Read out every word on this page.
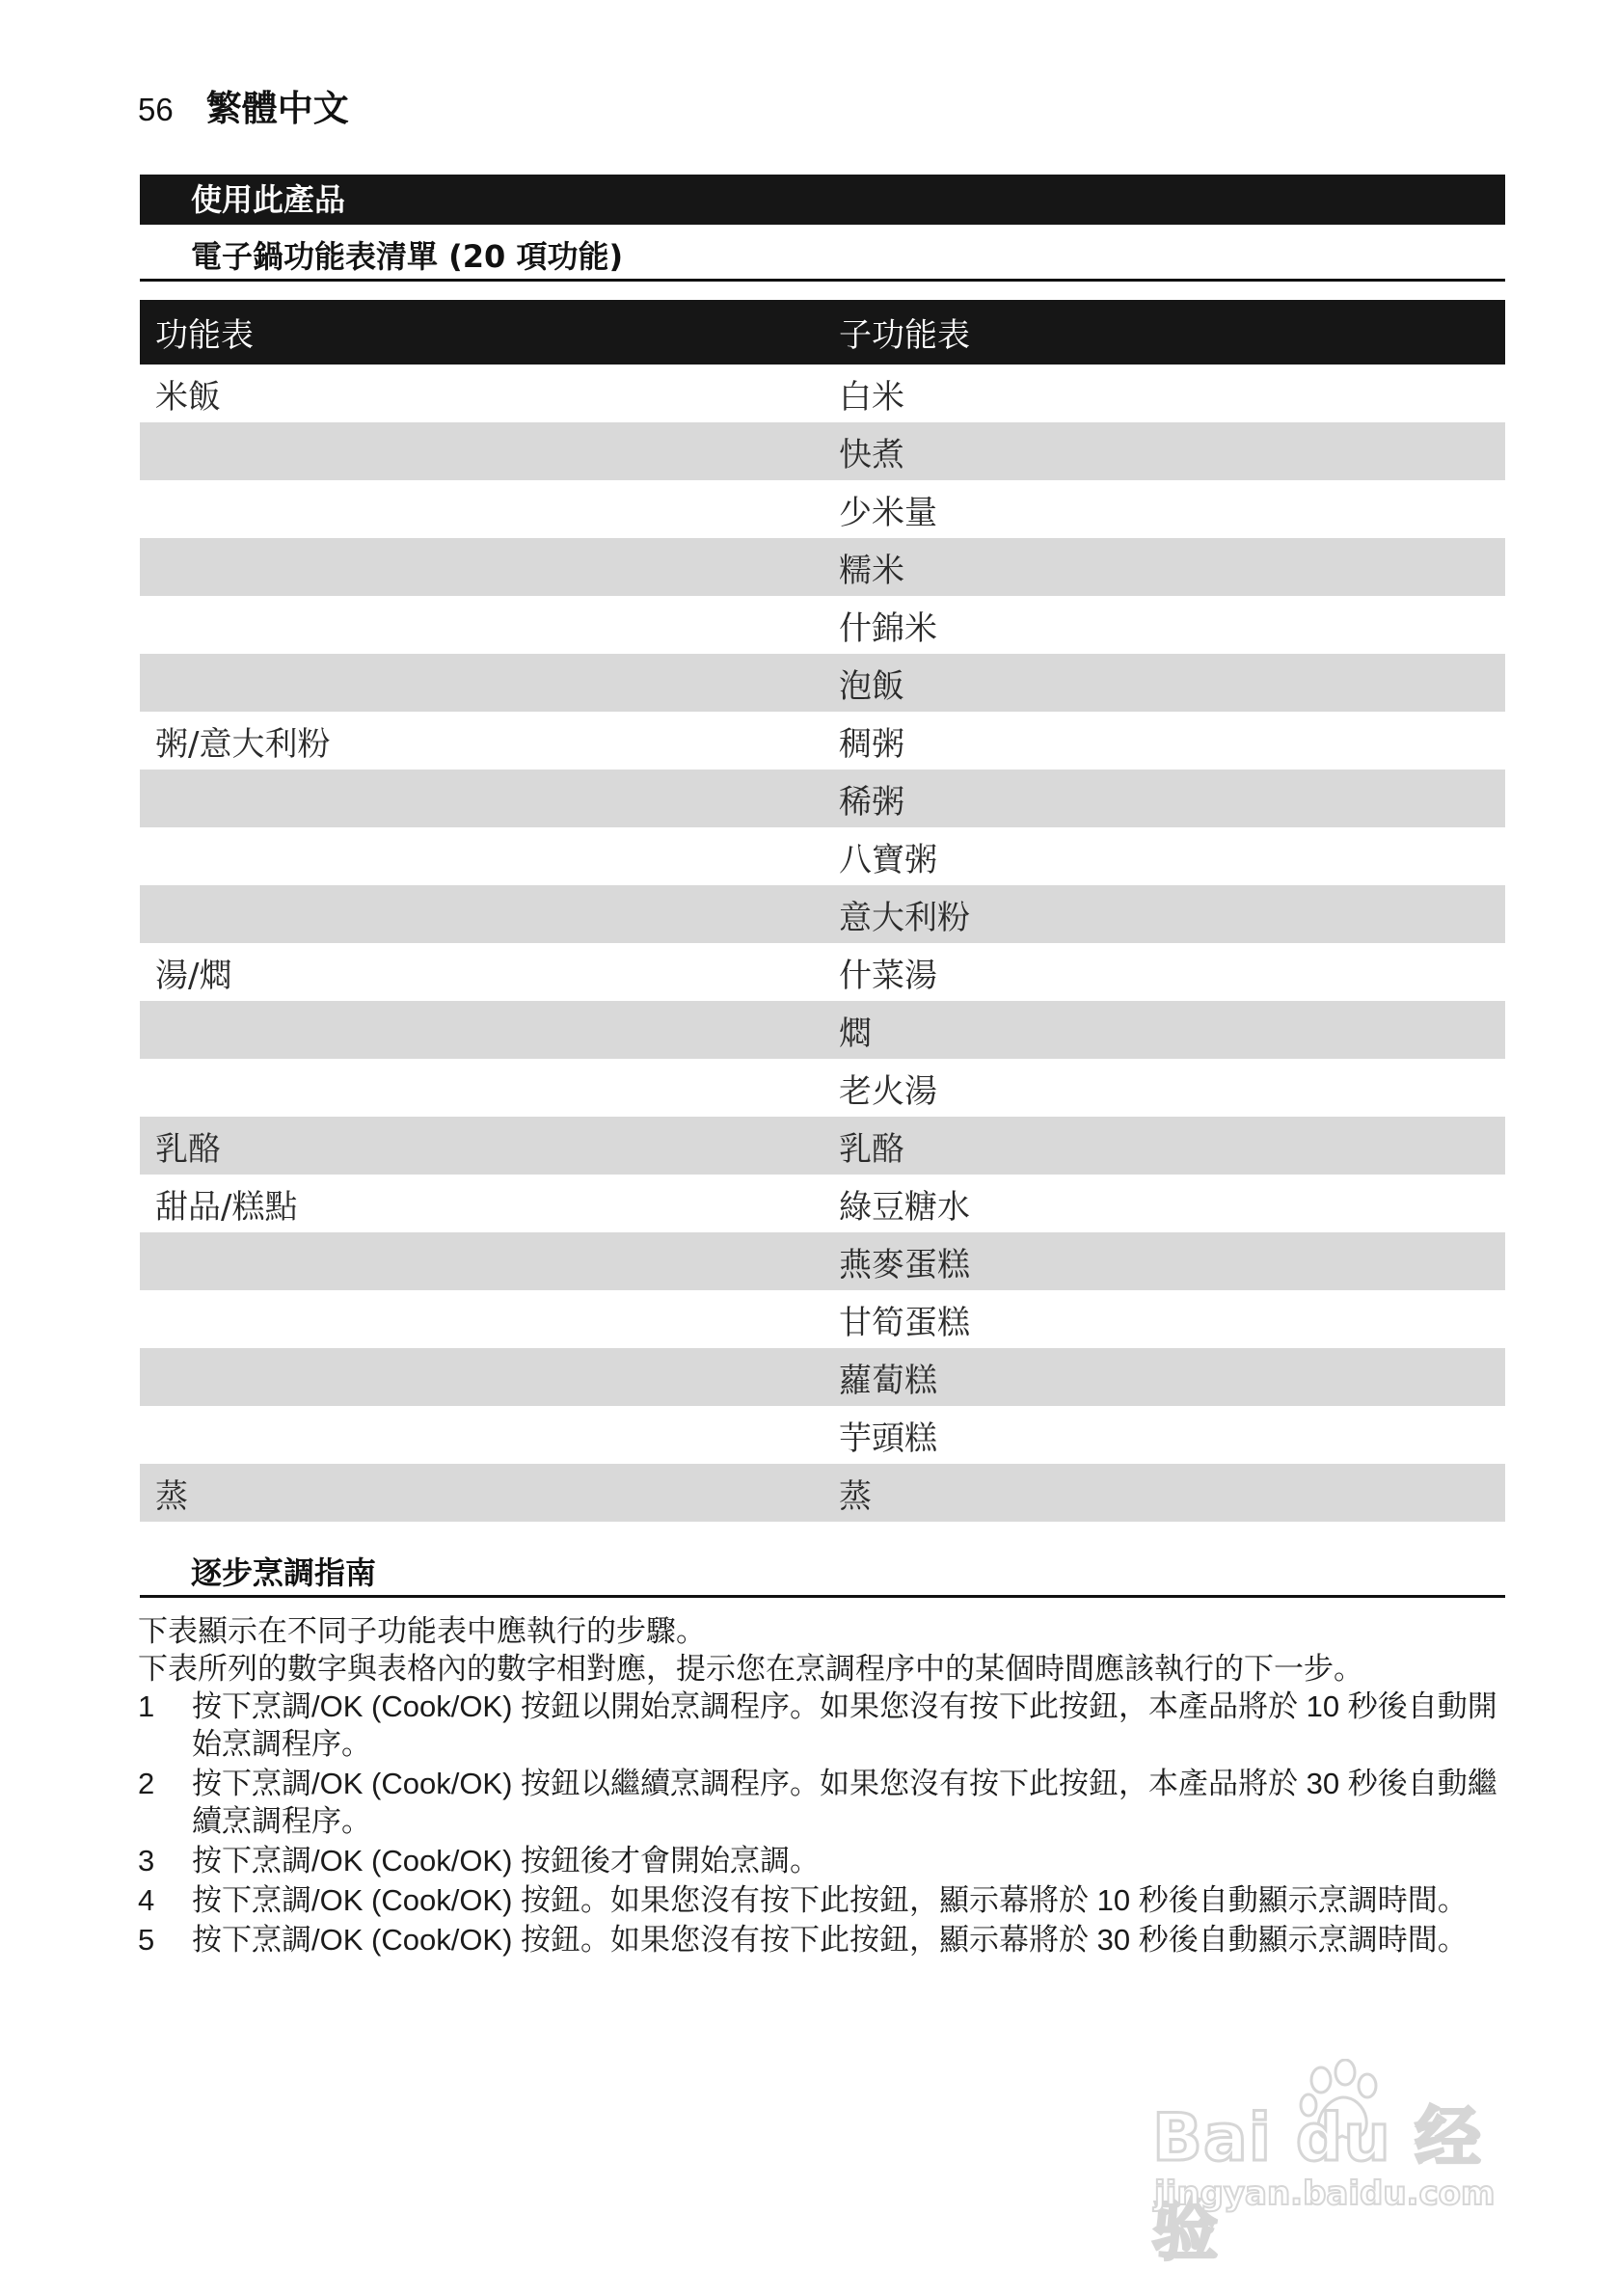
56 繁體中文
使用此產品
電子鍋功能表清單 (20 項功能)
功能表	子功能表
米飯	白米
	快煮
	少米量
	糯米
	什錦米
	泡飯
粥/意大利粉	稠粥
	稀粥
	八寶粥
	意大利粉
湯/燜	什菜湯
	燜
	老火湯
乳酪	乳酪
甜品/糕點	綠豆糖水
	燕麥蛋糕
	甘筍蛋糕
	蘿蔔糕
	芋頭糕
蒸	蒸
逐步烹調指南

下表顯示在不同子功能表中應執行的步驟。

下表所列的數字與表格內的數字相對應，提示您在烹調程序中的某個時間應該執行的下一步。

1 按下烹調/OK (Cook/OK) 按鈕以開始烹調程序。如果您沒有按下此按鈕，本產品將於 10 秒後自動開始烹調程序。
2 按下烹調/OK (Cook/OK) 按鈕以繼續烹調程序。如果您沒有按下此按鈕，本產品將於 30 秒後自動繼續烹調程序。
3 按下烹調/OK (Cook/OK) 按鈕後才會開始烹調。
4 按下烹調/OK (Cook/OK) 按鈕。如果您沒有按下此按鈕，顯示幕將於 10 秒後自動顯示烹調時間。
5 按下烹調/OK (Cook/OK) 按鈕。如果您沒有按下此按鈕，顯示幕將於 30 秒後自動顯示烹調時間。
Bai du 经验
jingyan.baidu.com
